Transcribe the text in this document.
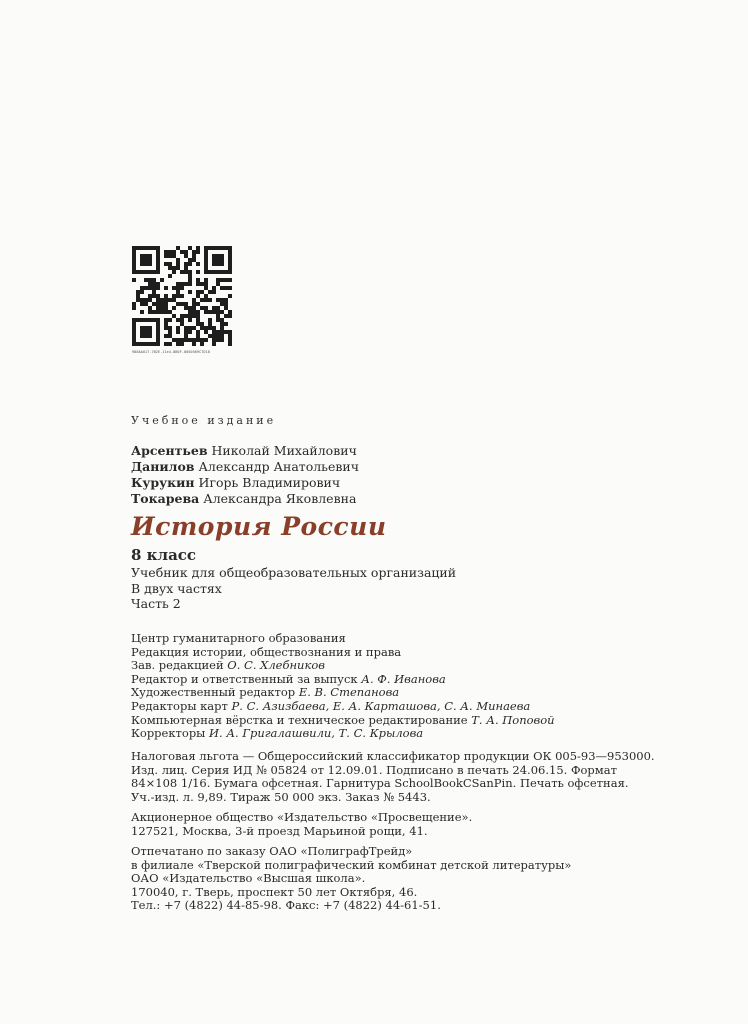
988AA017-7B2E-11e4-8B0F-0050569C7D18
Учебное издание
Арсентьев Николай Михайлович
Данилов Александр Анатольевич
Курукин Игорь Владимирович
Токарева Александра Яковлевна
История России
8 класс
Учебник для общеобразовательных организаций
В двух частях
Часть 2
Центр гуманитарного образования
Редакция истории, обществознания и права
Зав. редакцией О. С. Хлебников
Редактор и ответственный за выпуск А. Ф. Иванова
Художественный редактор Е. В. Степанова
Редакторы карт Р. С. Азизбаева, Е. А. Карташова, С. А. Минаева
Компьютерная вёрстка и техническое редактирование Т. А. Поповой
Корректоры И. А. Григалашвили, Т. С. Крылова
Налоговая льгота — Общероссийский классификатор продукции ОК 005-93—953000.
Изд. лиц. Серия ИД № 05824 от 12.09.01. Подписано в печать 24.06.15. Формат
84×108 1/16. Бумага офсетная. Гарнитура SchoolBookCSanPin. Печать офсетная.
Уч.-изд. л. 9,89. Тираж 50 000 экз. Заказ № 5443.
Акционерное общество «Издательство «Просвещение».
127521, Москва, 3-й проезд Марьиной рощи, 41.
Отпечатано по заказу ОАО «ПолиграфТрейд»
в филиале «Тверской полиграфический комбинат детской литературы»
ОАО «Издательство «Высшая школа».
170040, г. Тверь, проспект 50 лет Октября, 46.
Тел.: +7 (4822) 44-85-98. Факс: +7 (4822) 44-61-51.
